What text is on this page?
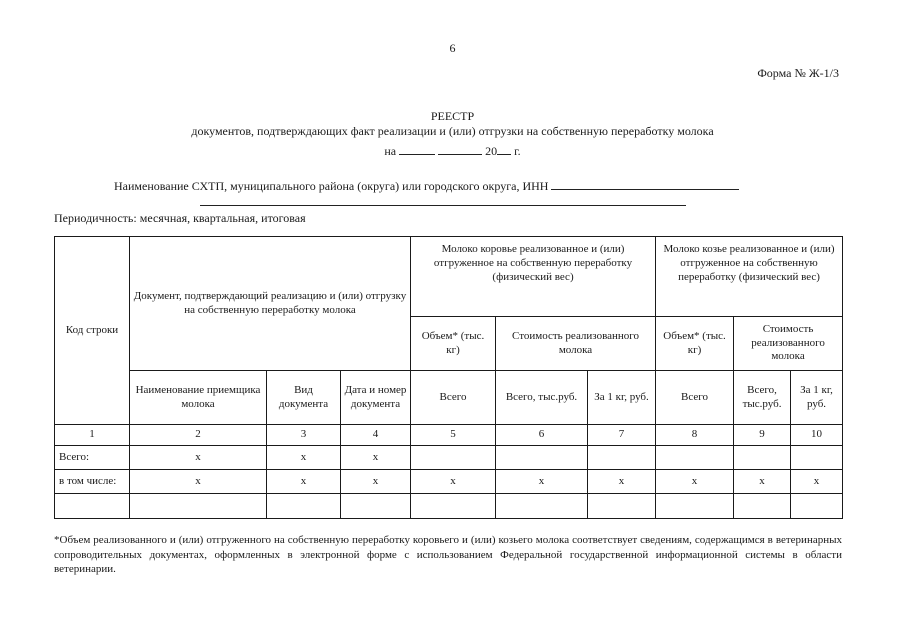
6
Форма № Ж-1/3
РЕЕСТР
документов, подтверждающих факт реализации и (или) отгрузки на собственную переработку молока
на	20 г.
Наименование СХТП, муниципального района (округа) или городского округа, ИНН
Периодичность: месячная, квартальная, итоговая
Код строки	Документ, подтверждающий реализацию и (или) отгрузку на собственную переработку молока			Молоко коровье реализованное и (или) отгруженное на собственную переработку (физический вес)			Молоко козье реализованное и (или) отгруженное на собственную переработку (физический вес)		
				Объем* (тыс. кг)	Стоимость реализованного молока		Объем* (тыс. кг)	Стоимость реализованного молока	
	Наименование приемщика молока	Вид документа	Дата и номер документа	Всего	Всего, тыс.руб.	За 1 кг, руб.	Всего	Всего, тыс.руб.	За 1 кг, руб.
1	2	3	4	5	6	7	8	9	10
Всего:	x	x	x						
в том числе:	x	x	x	x	x	x	x	x	x

*Объем реализованного и (или) отгруженного на собственную переработку коровьего и (или) козьего молока соответствует сведениям, содержащимся в ветеринарных сопроводительных документах, оформленных в электронной форме с использованием Федеральной государственной информационной системы в области ветеринарии.
